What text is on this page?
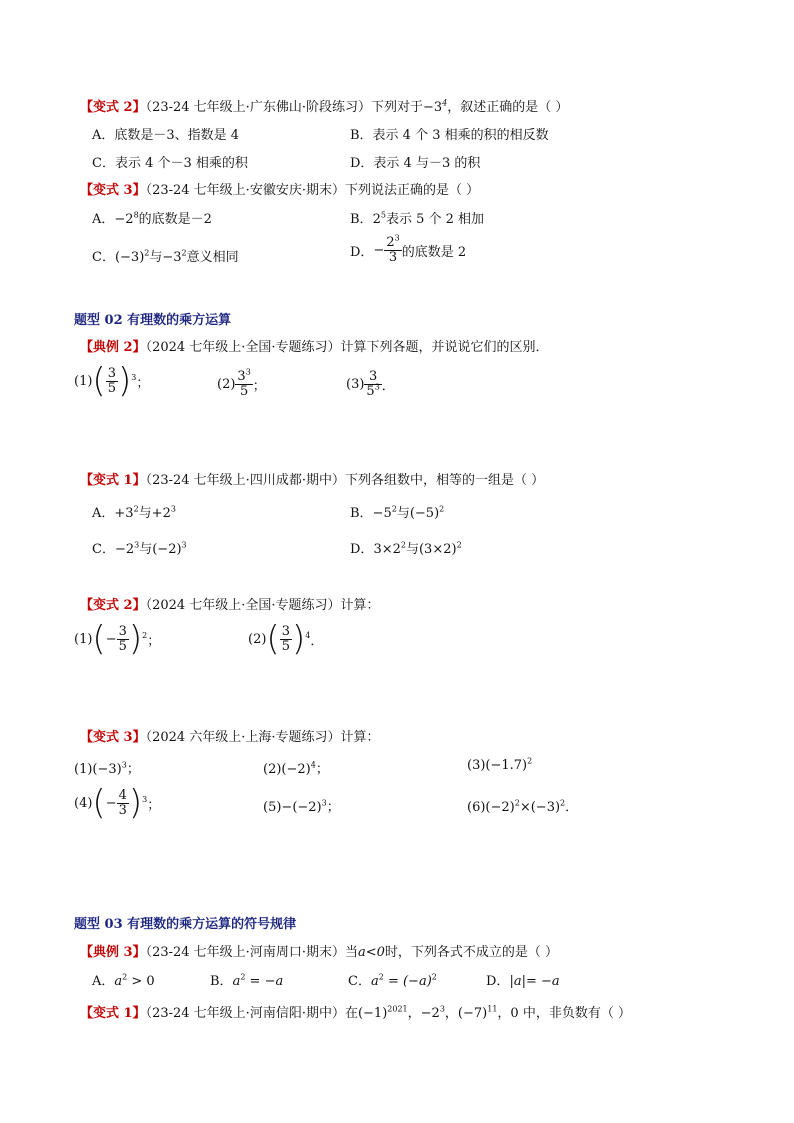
【变式 2】（23-24 七年级上·广东佛山·阶段练习）下列对于$-3^4$，叙述正确的是（ ）
A．底数是－3、指数是 4	B．表示 4 个 3 相乘的积的相反数
C．表示 4 个－3 相乘的积	D．表示 4 与－3 的积
【变式 3】（23-24 七年级上·安徽安庆·期末）下列说法正确的是（ ）
A．$-2^8$的底数是－2	B．$2^5$表示 5 个 2 相加
C．$(-3)^2$与$-3^2$意义相同	D． − $\frac{2^3}{3}$ 的底数是 2
题型 02 有理数的乘方运算
【典例 2】（2024 七年级上·全国·专题练习）计算下列各题，并说说它们的区别．
(1) ( $\frac{3}{5}$ ) 3 ；	$(2) \frac{3^3}{5}$ ；	$(3) \frac{3}{5^3}$ ．
【变式 1】（23-24 七年级上·四川成都·期中）下列各组数中，相等的一组是（ ）
A．$+3^2$与$+2^3$	B．$-5^2$与$(-5)^2$
C．$-2^3$与$(-2)^3$	D．$3\times 2^2$与$(3\times 2)^2$
【变式 2】（2024 七年级上·全国·专题练习）计算：
(1) ( − $\frac{3}{5}$ ) 2 ；	(2) ( $\frac{3}{5}$ ) 4 ．
【变式 3】（2024 六年级上·上海·专题练习）计算：
$(1)(-3)^3$；	$(2)(-2)^4$；	$(3)(-1.7)^2$
(4) ( − $\frac{4}{3}$ ) 3 ；	$(5)-(-2)^3$；	$(6)(-2)^2\times(-3)^2$．
题型 03 有理数的乘方运算的符号规律
【典例 3】（23-24 七年级上·河南周口·期末）当a<0时，下列各式不成立的是（ ）
A．$a^2 > 0$	B．$a^2 = -a$	C．$a^2 = (-a)^2$	D．|a|= −a
【变式 1】（23-24 七年级上·河南信阳·期中）在$(-1)^{2021}$，$-2^3$，$(-7)^{11}$，0 中，非负数有（ ）
